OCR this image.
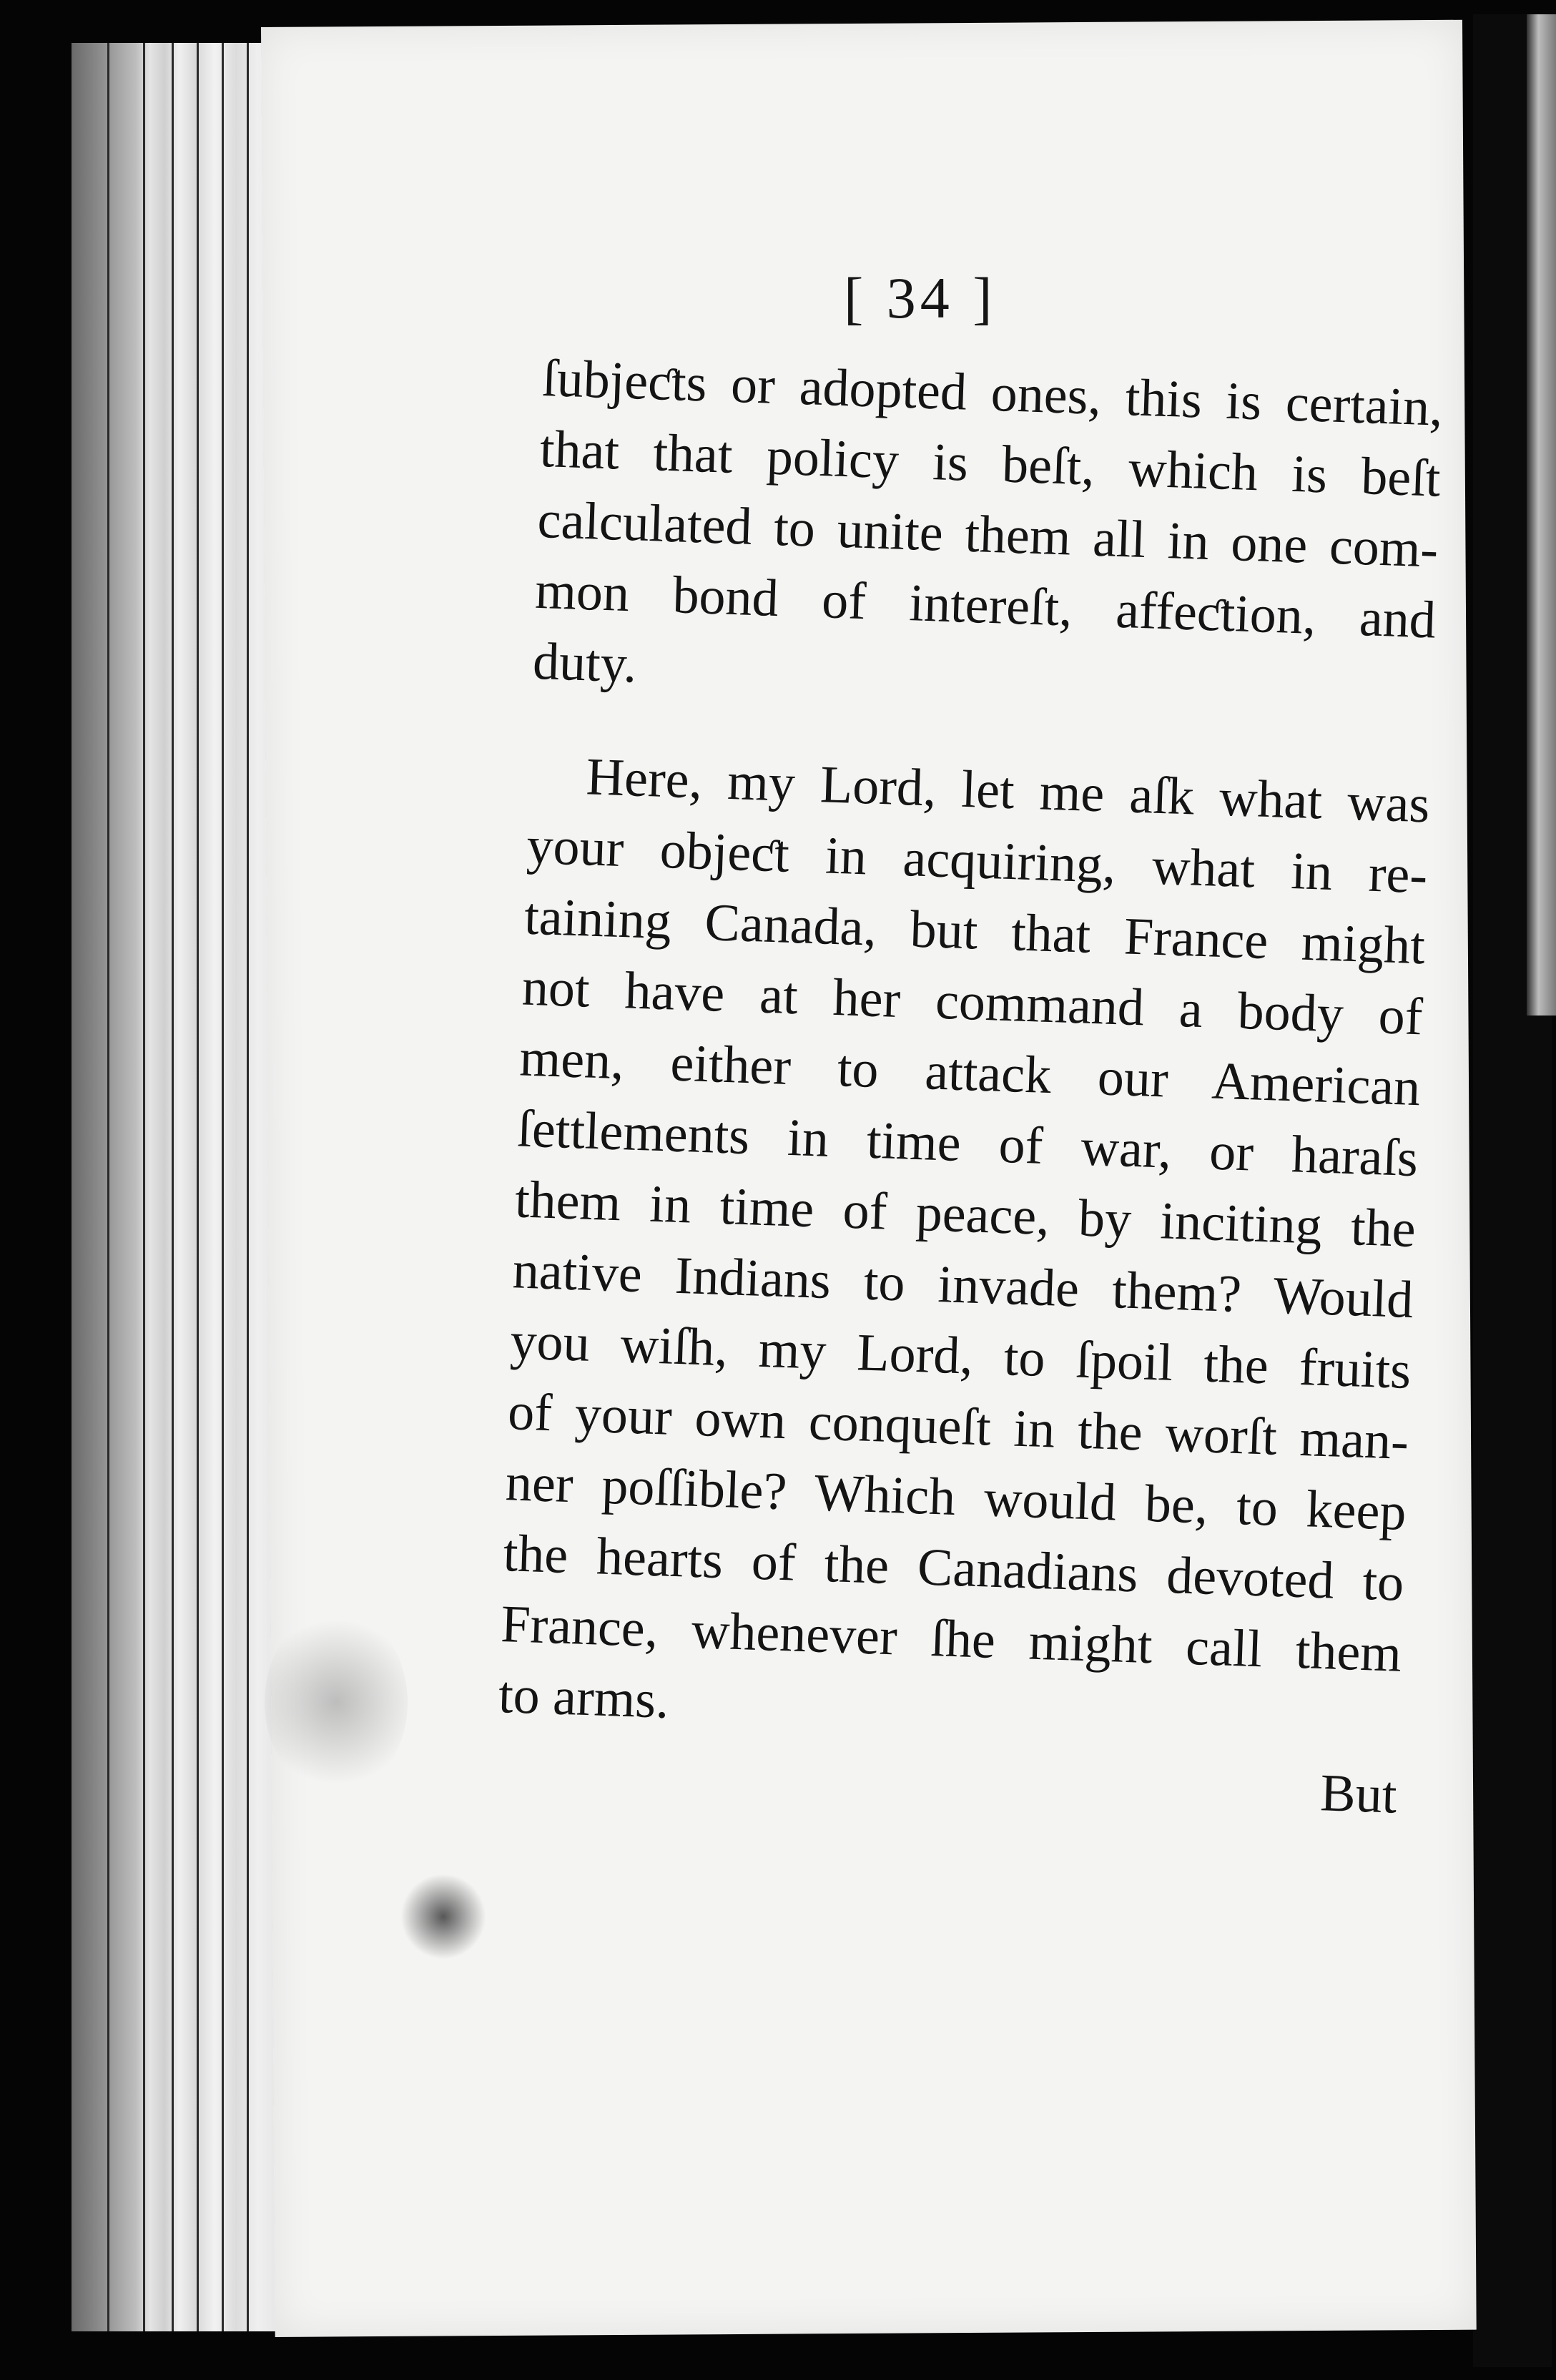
[ 34 ]
ſubjeƈts or adopted ones, this is certain,
that that policy is beſt, which is beſt
calculated to unite them all in one com-
mon bond of intereſt, affeƈtion, and
duty.
Here, my Lord, let me aſk what was
your objeƈt in acquiring, what in re-
taining Canada, but that France might
not have at her command a body of
men, either to attack our American
ſettlements in time of war, or haraſs
them in time of peace, by inciting the
native Indians to invade them? Would
you wiſh, my Lord, to ſpoil the fruits
of your own conqueſt in the worſt man-
ner poſſible? Which would be, to keep
the hearts of the Canadians devoted to
France, whenever ſhe might call them
to arms.
But
